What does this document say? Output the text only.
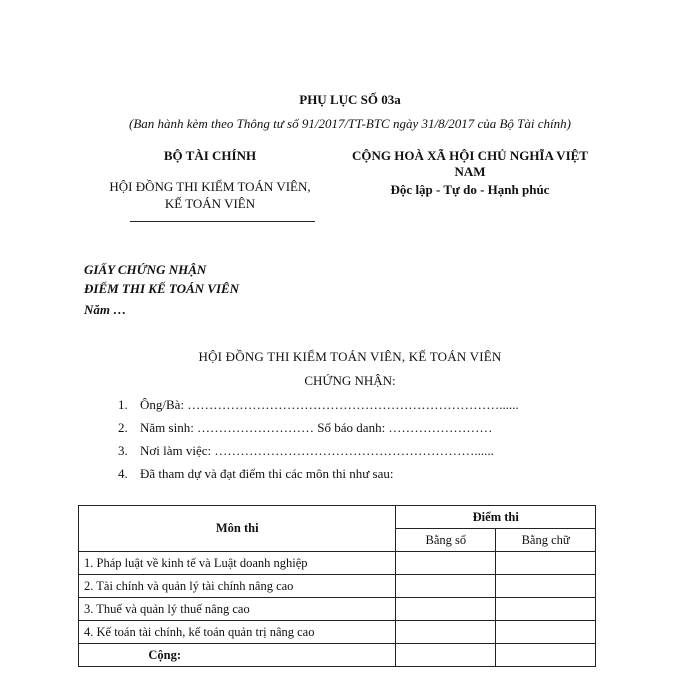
PHỤ LỤC SỐ 03a
(Ban hành kèm theo Thông tư số 91/2017/TT-BTC ngày 31/8/2017 của Bộ Tài chính)
BỘ TÀI CHÍNH
HỘI ĐỒNG THI KIỂM TOÁN VIÊN,
KẾ TOÁN VIÊN
CỘNG HOÀ XÃ HỘI CHỦ NGHĨA VIỆT
NAM
Độc lập - Tự do - Hạnh phúc
GIẤY CHỨNG NHẬN
ĐIỂM THI KẾ TOÁN VIÊN
Năm …
HỘI ĐỒNG THI KIỂM TOÁN VIÊN, KẾ TOÁN VIÊN
CHỨNG NHẬN:
1. Ông/Bà: ………………………………………………………………......
2. Năm sinh: ……………………… Số báo danh: ……………………
3. Nơi làm việc: ……………………………………………………......
4. Đã tham dự và đạt điểm thi các môn thi như sau:
Môn thi	Điểm thi	
	Bằng số	Bằng chữ
1. Pháp luật về kinh tế và Luật doanh nghiệp		
2. Tài chính và quản lý tài chính nâng cao		
3. Thuế và quản lý thuế nâng cao		
4. Kế toán tài chính, kế toán quản trị nâng cao		
Cộng:		
